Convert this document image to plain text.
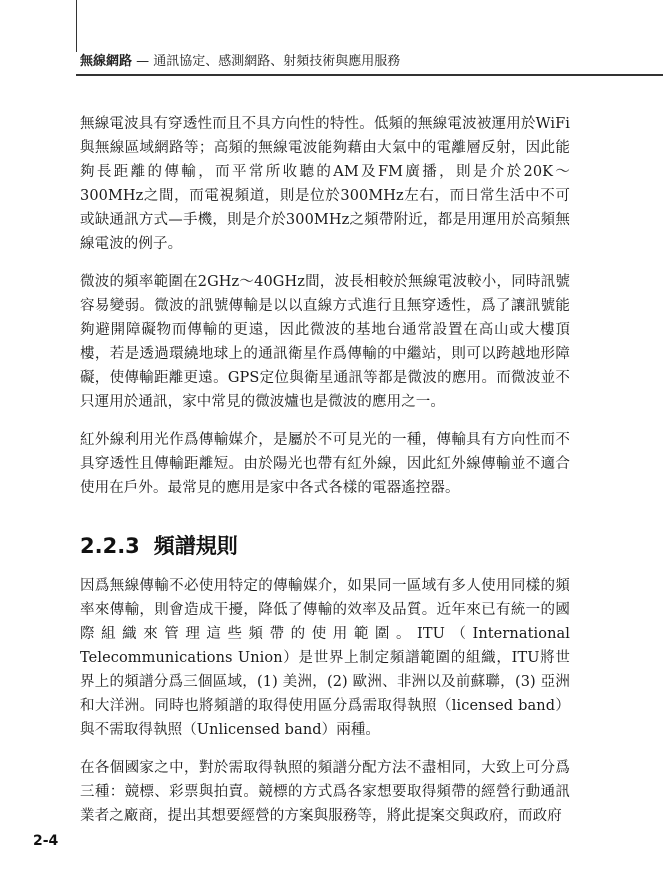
無線網路 — 通訊協定、感測網路、射頻技術與應用服務

無線電波具有穿透性而且不具方向性的特性。低頻的無線電波被運用於WiFi與無線區域網路等；高頻的無線電波能夠藉由大氣中的電離層反射，因此能夠長距離的傳輸，而平常所收聽的AM及FM廣播，則是介於20K～300MHz之間，而電視頻道，則是位於300MHz左右，而日常生活中不可或缺通訊方式—手機，則是介於300MHz之頻帶附近，都是用運用於高頻無線電波的例子。

微波的頻率範圍在2GHz～40GHz間，波長相較於無線電波較小，同時訊號容易變弱。微波的訊號傳輸是以以直線方式進行且無穿透性，爲了讓訊號能夠避開障礙物而傳輸的更遠，因此微波的基地台通常設置在高山或大樓頂樓，若是透過環繞地球上的通訊衛星作爲傳輸的中繼站，則可以跨越地形障礙，使傳輸距離更遠。GPS定位與衛星通訊等都是微波的應用。而微波並不只運用於通訊，家中常見的微波爐也是微波的應用之一。

紅外線利用光作爲傳輸媒介，是屬於不可見光的一種，傳輸具有方向性而不具穿透性且傳輸距離短。由於陽光也帶有紅外線，因此紅外線傳輸並不適合使用在戶外。最常見的應用是家中各式各樣的電器遙控器。

2.2.3 頻譜規則

因爲無線傳輸不必使用特定的傳輸媒介，如果同一區域有多人使用同樣的頻率來傳輸，則會造成干擾，降低了傳輸的效率及品質。近年來已有統一的國際組織來管理這些頻帶的使用範圍。ITU（International Telecommunications Union）是世界上制定頻譜範圍的組織，ITU將世界上的頻譜分爲三個區域，(1) 美洲，(2) 歐洲、非洲以及前蘇聯，(3) 亞洲和大洋洲。同時也將頻譜的取得使用區分爲需取得執照（licensed band）與不需取得執照（Unlicensed band）兩種。

在各個國家之中，對於需取得執照的頻譜分配方法不盡相同，大致上可分爲三種：競標、彩票與拍賣。競標的方式爲各家想要取得頻帶的經營行動通訊業者之廠商，提出其想要經營的方案與服務等，將此提案交與政府，而政府

2-4
